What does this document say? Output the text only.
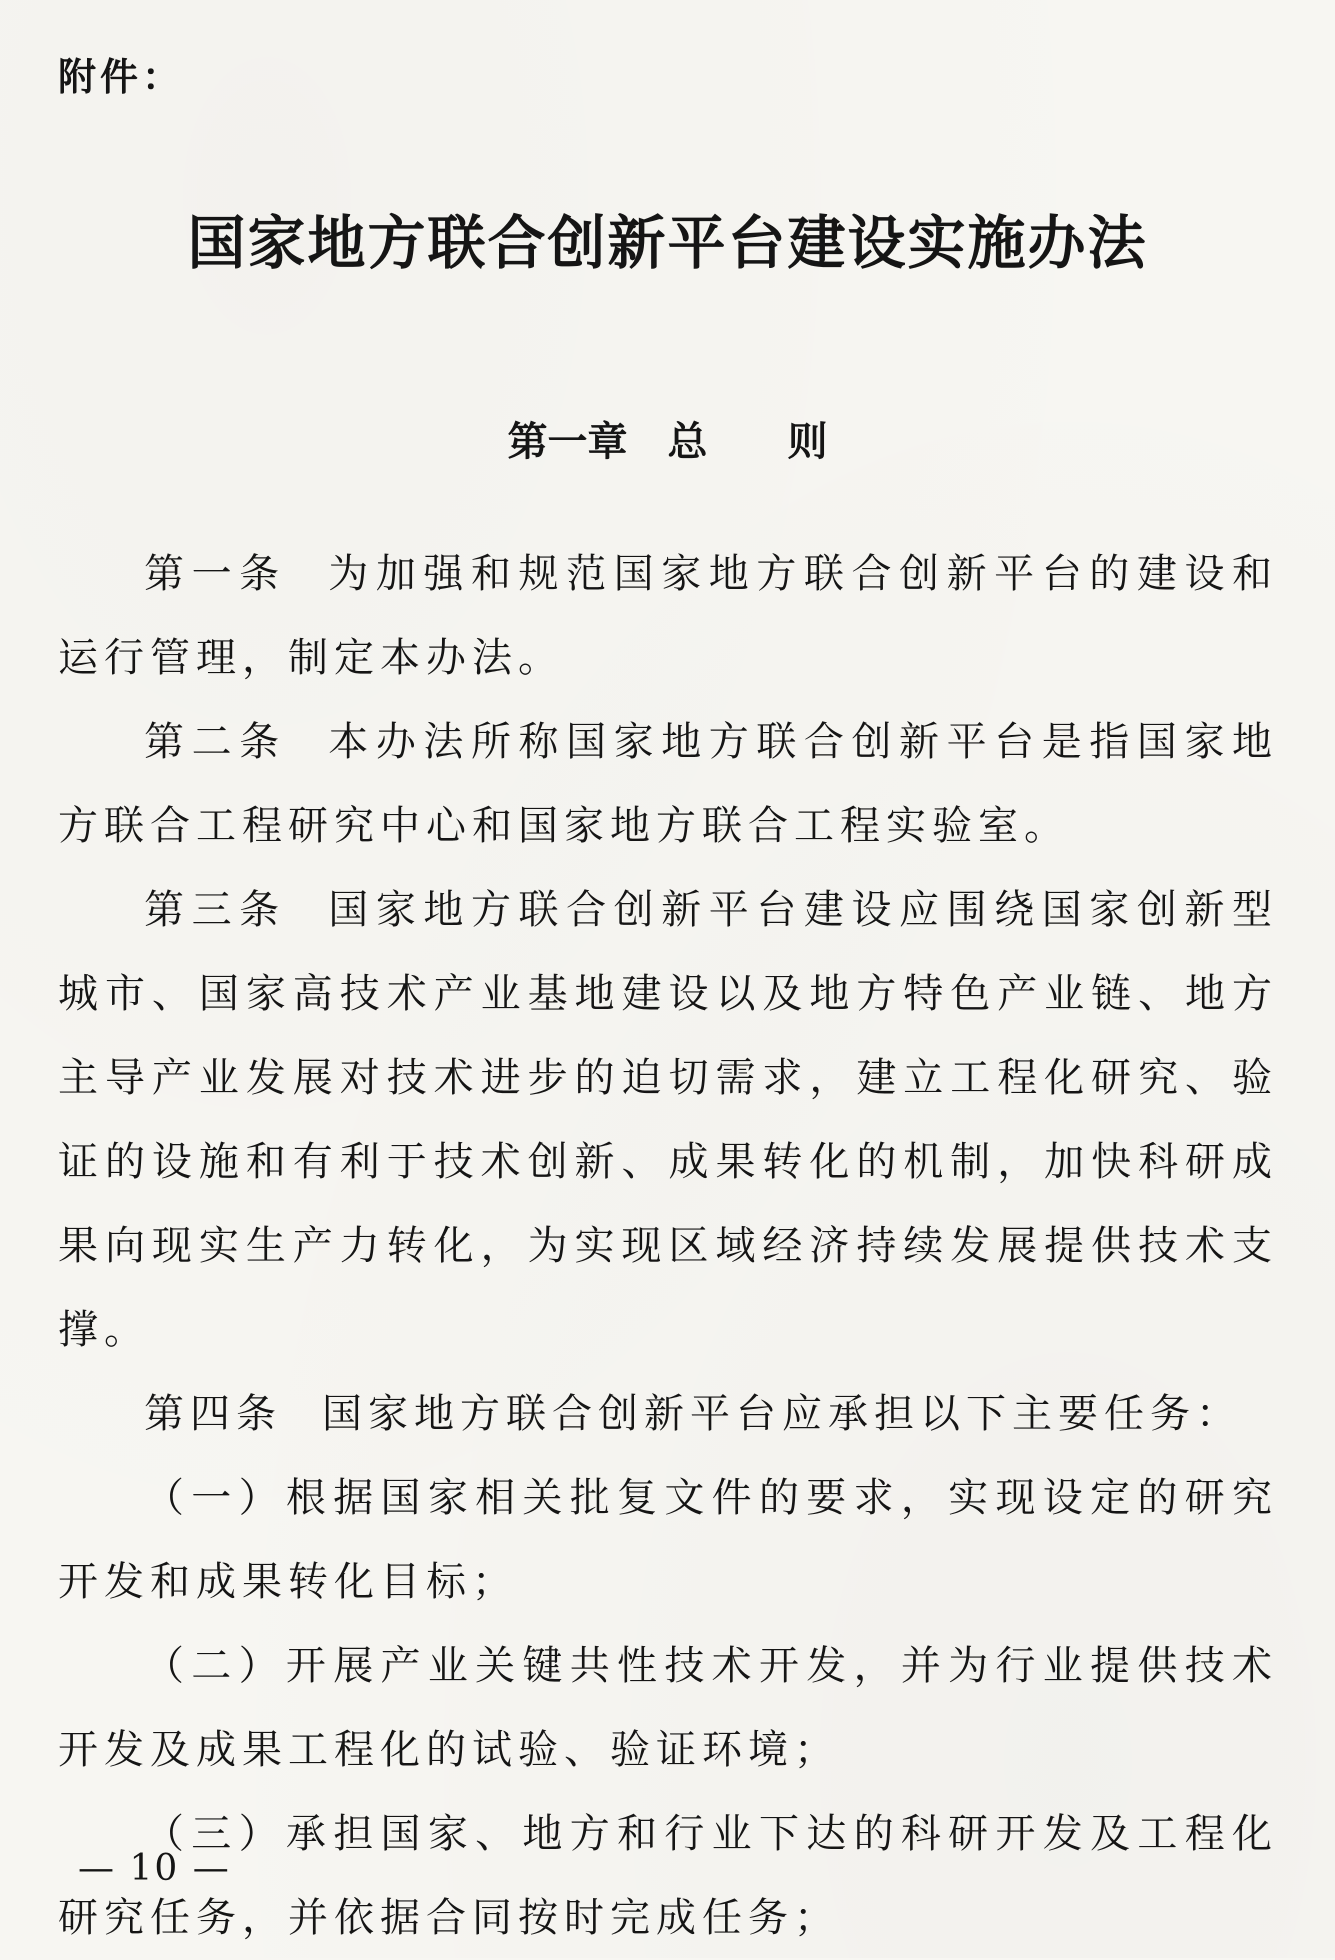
附件：
国家地方联合创新平台建设实施办法
第一章　总　　则

第一条 为加强和规范国家地方联合创新平台的建设和运行管理，制定本办法。

第二条 本办法所称国家地方联合创新平台是指国家地方联合工程研究中心和国家地方联合工程实验室。

第三条 国家地方联合创新平台建设应围绕国家创新型城市、国家高技术产业基地建设以及地方特色产业链、地方主导产业发展对技术进步的迫切需求，建立工程化研究、验证的设施和有利于技术创新、成果转化的机制，加快科研成果向现实生产力转化，为实现区域经济持续发展提供技术支撑。

第四条 国家地方联合创新平台应承担以下主要任务：

（一）根据国家相关批复文件的要求，实现设定的研究开发和成果转化目标；

（二）开展产业关键共性技术开发，并为行业提供技术开发及成果工程化的试验、验证环境；

（三）承担国家、地方和行业下达的科研开发及工程化研究任务，并依据合同按时完成任务；

— 10 —
